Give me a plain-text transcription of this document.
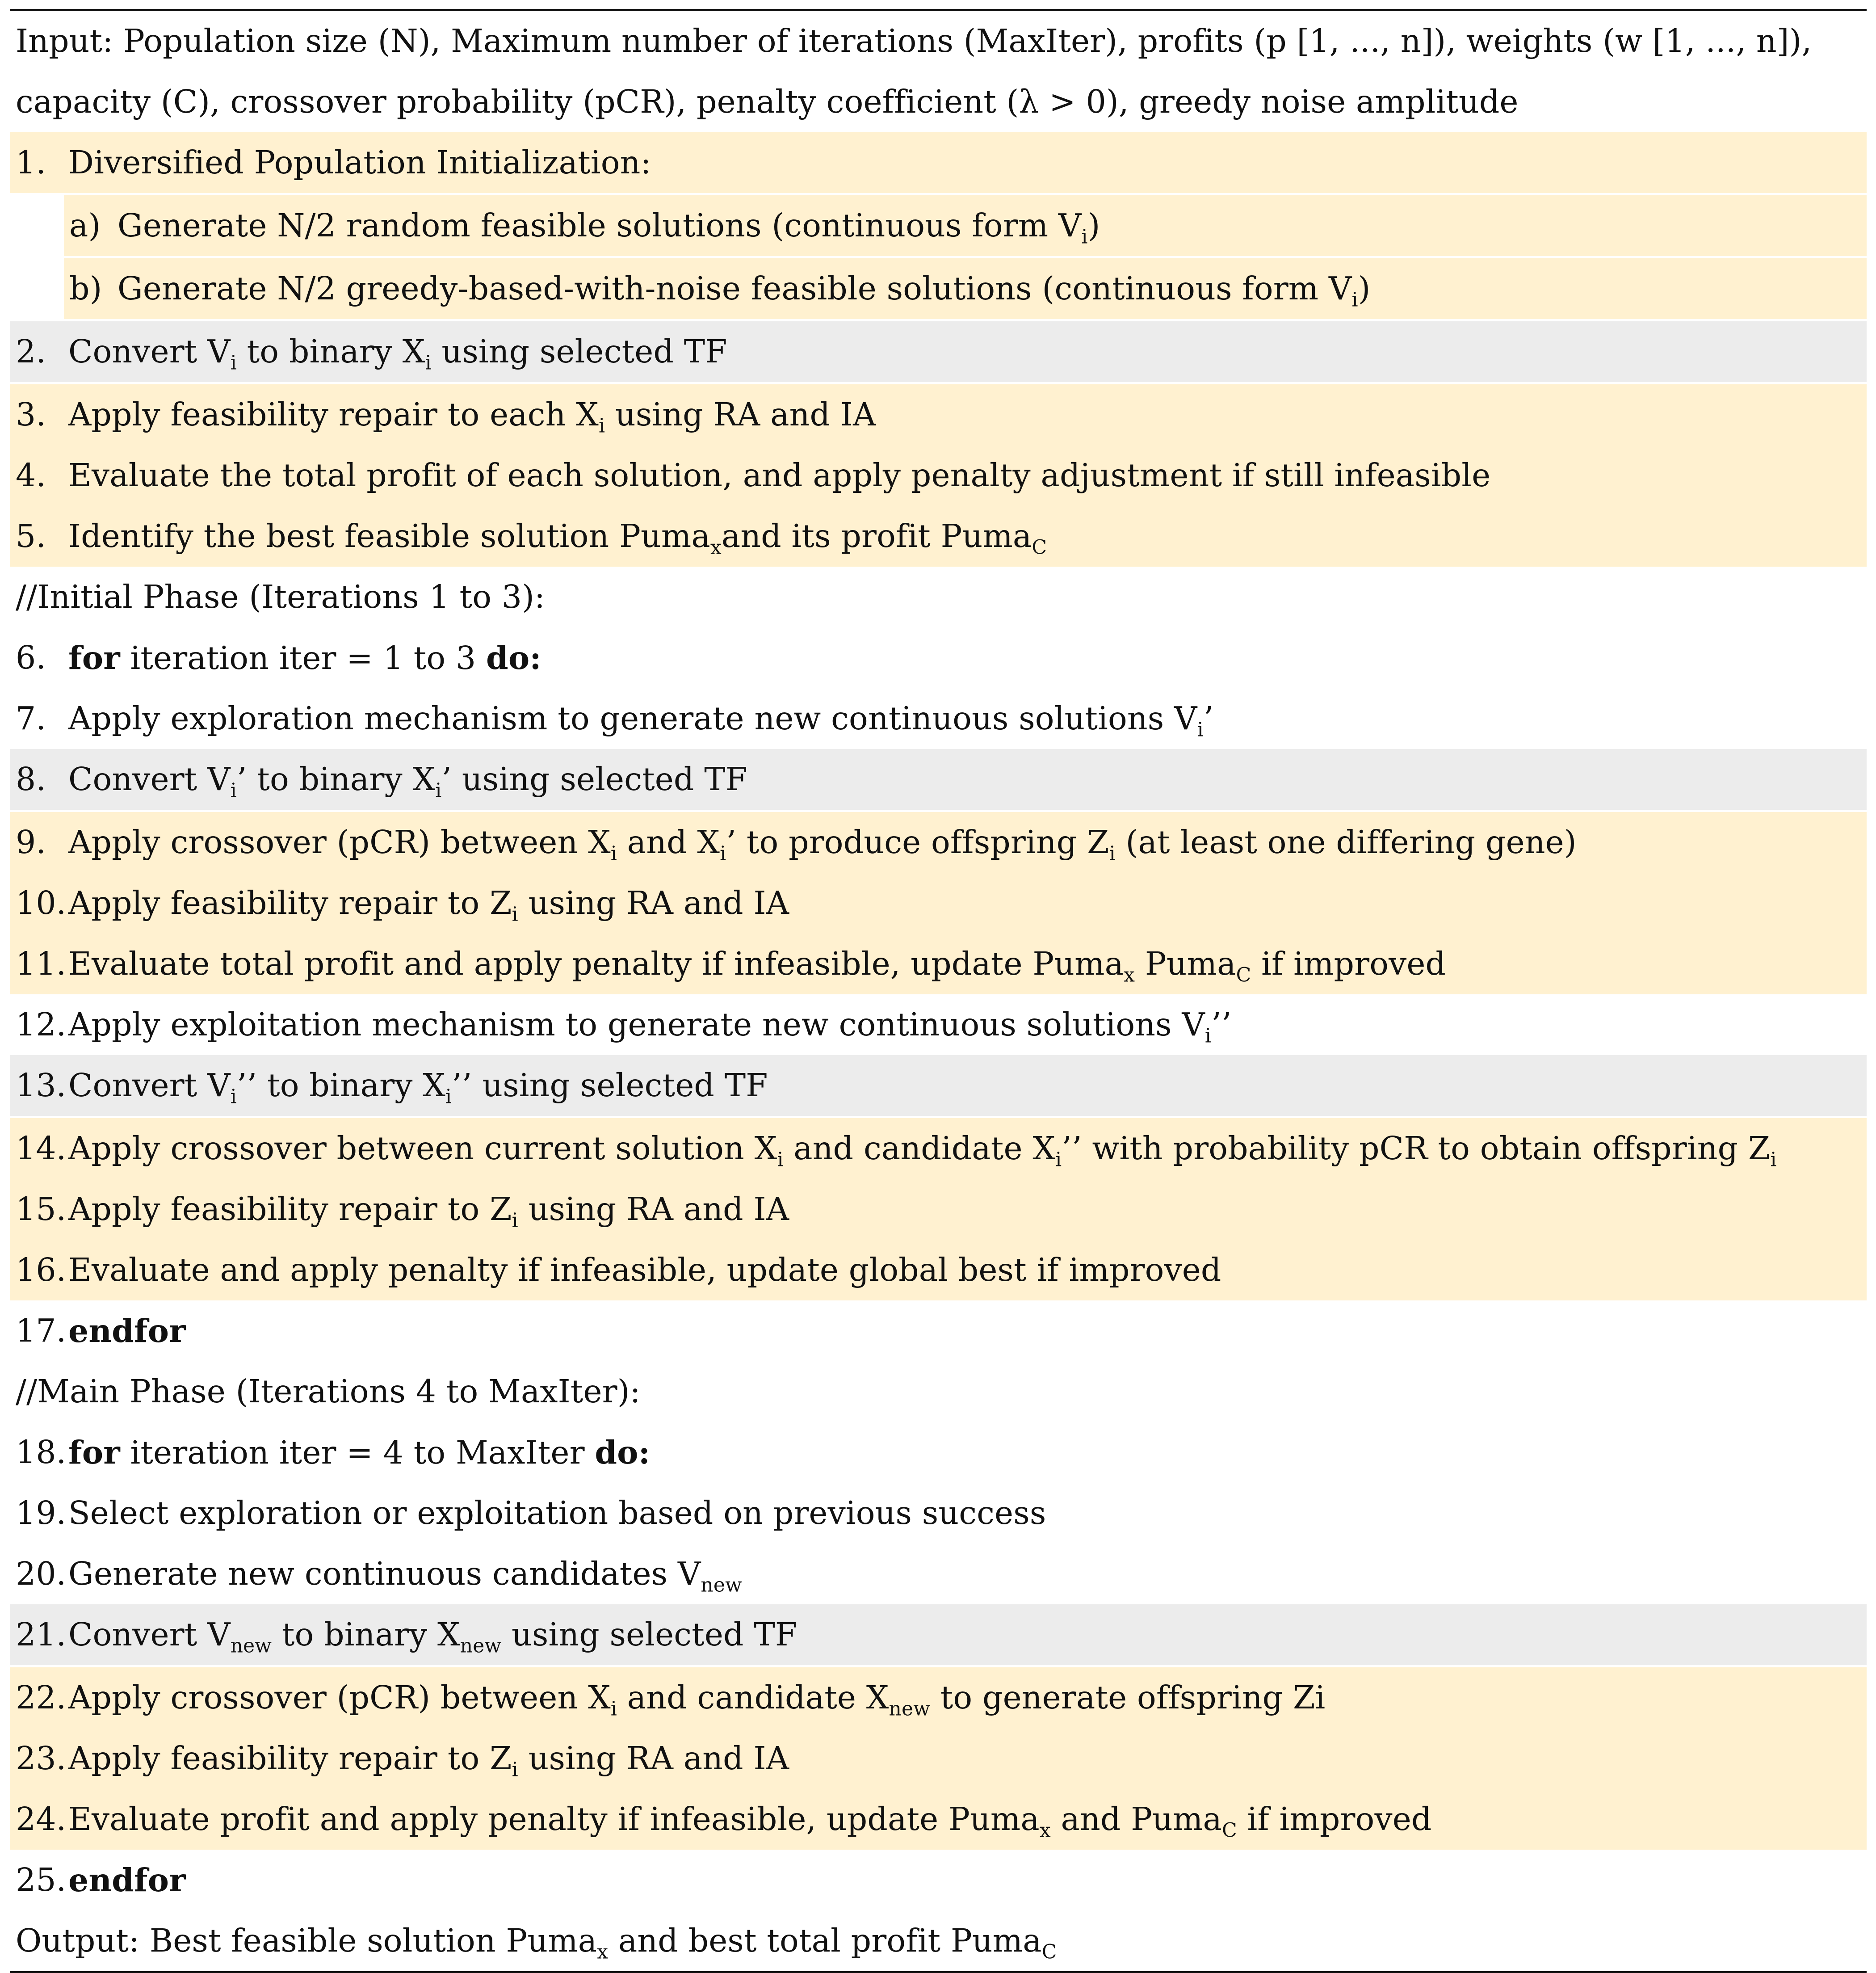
Input: Population size (N), Maximum number of iterations (MaxIter), profits (p [1, ..., n]), weights (w [1, ..., n]),
capacity (C), crossover probability (pCR), penalty coefficient (λ > 0), greedy noise amplitude
1. Diversified Population Initialization:
a) Generate N/2 random feasible solutions (continuous form $V_i$)
b) Generate N/2 greedy-based-with-noise feasible solutions (continuous form $V_i$)
2. Convert $V_i$ to binary $X_i$ using selected TF
3. Apply feasibility repair to each $X_i$ using RA and IA
4. Evaluate the total profit of each solution, and apply penalty adjustment if still infeasible
5. Identify the best feasible solution Puma$_x$and its profit Puma$_C$
//Initial Phase (Iterations 1 to 3):
6. for iteration iter = 1 to 3 do:
7. Apply exploration mechanism to generate new continuous solutions $V_i$’
8. Convert $V_i$’ to binary $X_i$’ using selected TF
9. Apply crossover (pCR) between $X_i$ and $X_i$’ to produce offspring $Z_i$ (at least one differing gene)
10. Apply feasibility repair to $Z_i$ using RA and IA
11. Evaluate total profit and apply penalty if infeasible, update Puma$_x$ Puma$_C$ if improved
12. Apply exploitation mechanism to generate new continuous solutions $V_i$’’
13. Convert $V_i$’’ to binary $X_i$’’ using selected TF
14. Apply crossover between current solution $X_i$ and candidate $X_i$’’ with probability pCR to obtain offspring $Z_i$
15. Apply feasibility repair to $Z_i$ using RA and IA
16. Evaluate and apply penalty if infeasible, update global best if improved
17. endfor
//Main Phase (Iterations 4 to MaxIter):
18. for iteration iter = 4 to MaxIter do:
19. Select exploration or exploitation based on previous success
20. Generate new continuous candidates $V_{new}$
21. Convert $V_{new}$ to binary $X_{new}$ using selected TF
22. Apply crossover (pCR) between $X_i$ and candidate $X_{new}$ to generate offspring Zi
23. Apply feasibility repair to $Z_i$ using RA and IA
24. Evaluate profit and apply penalty if infeasible, update Puma$_x$ and Puma$_C$ if improved
25. endfor
Output: Best feasible solution Puma$_x$ and best total profit Puma$_C$
